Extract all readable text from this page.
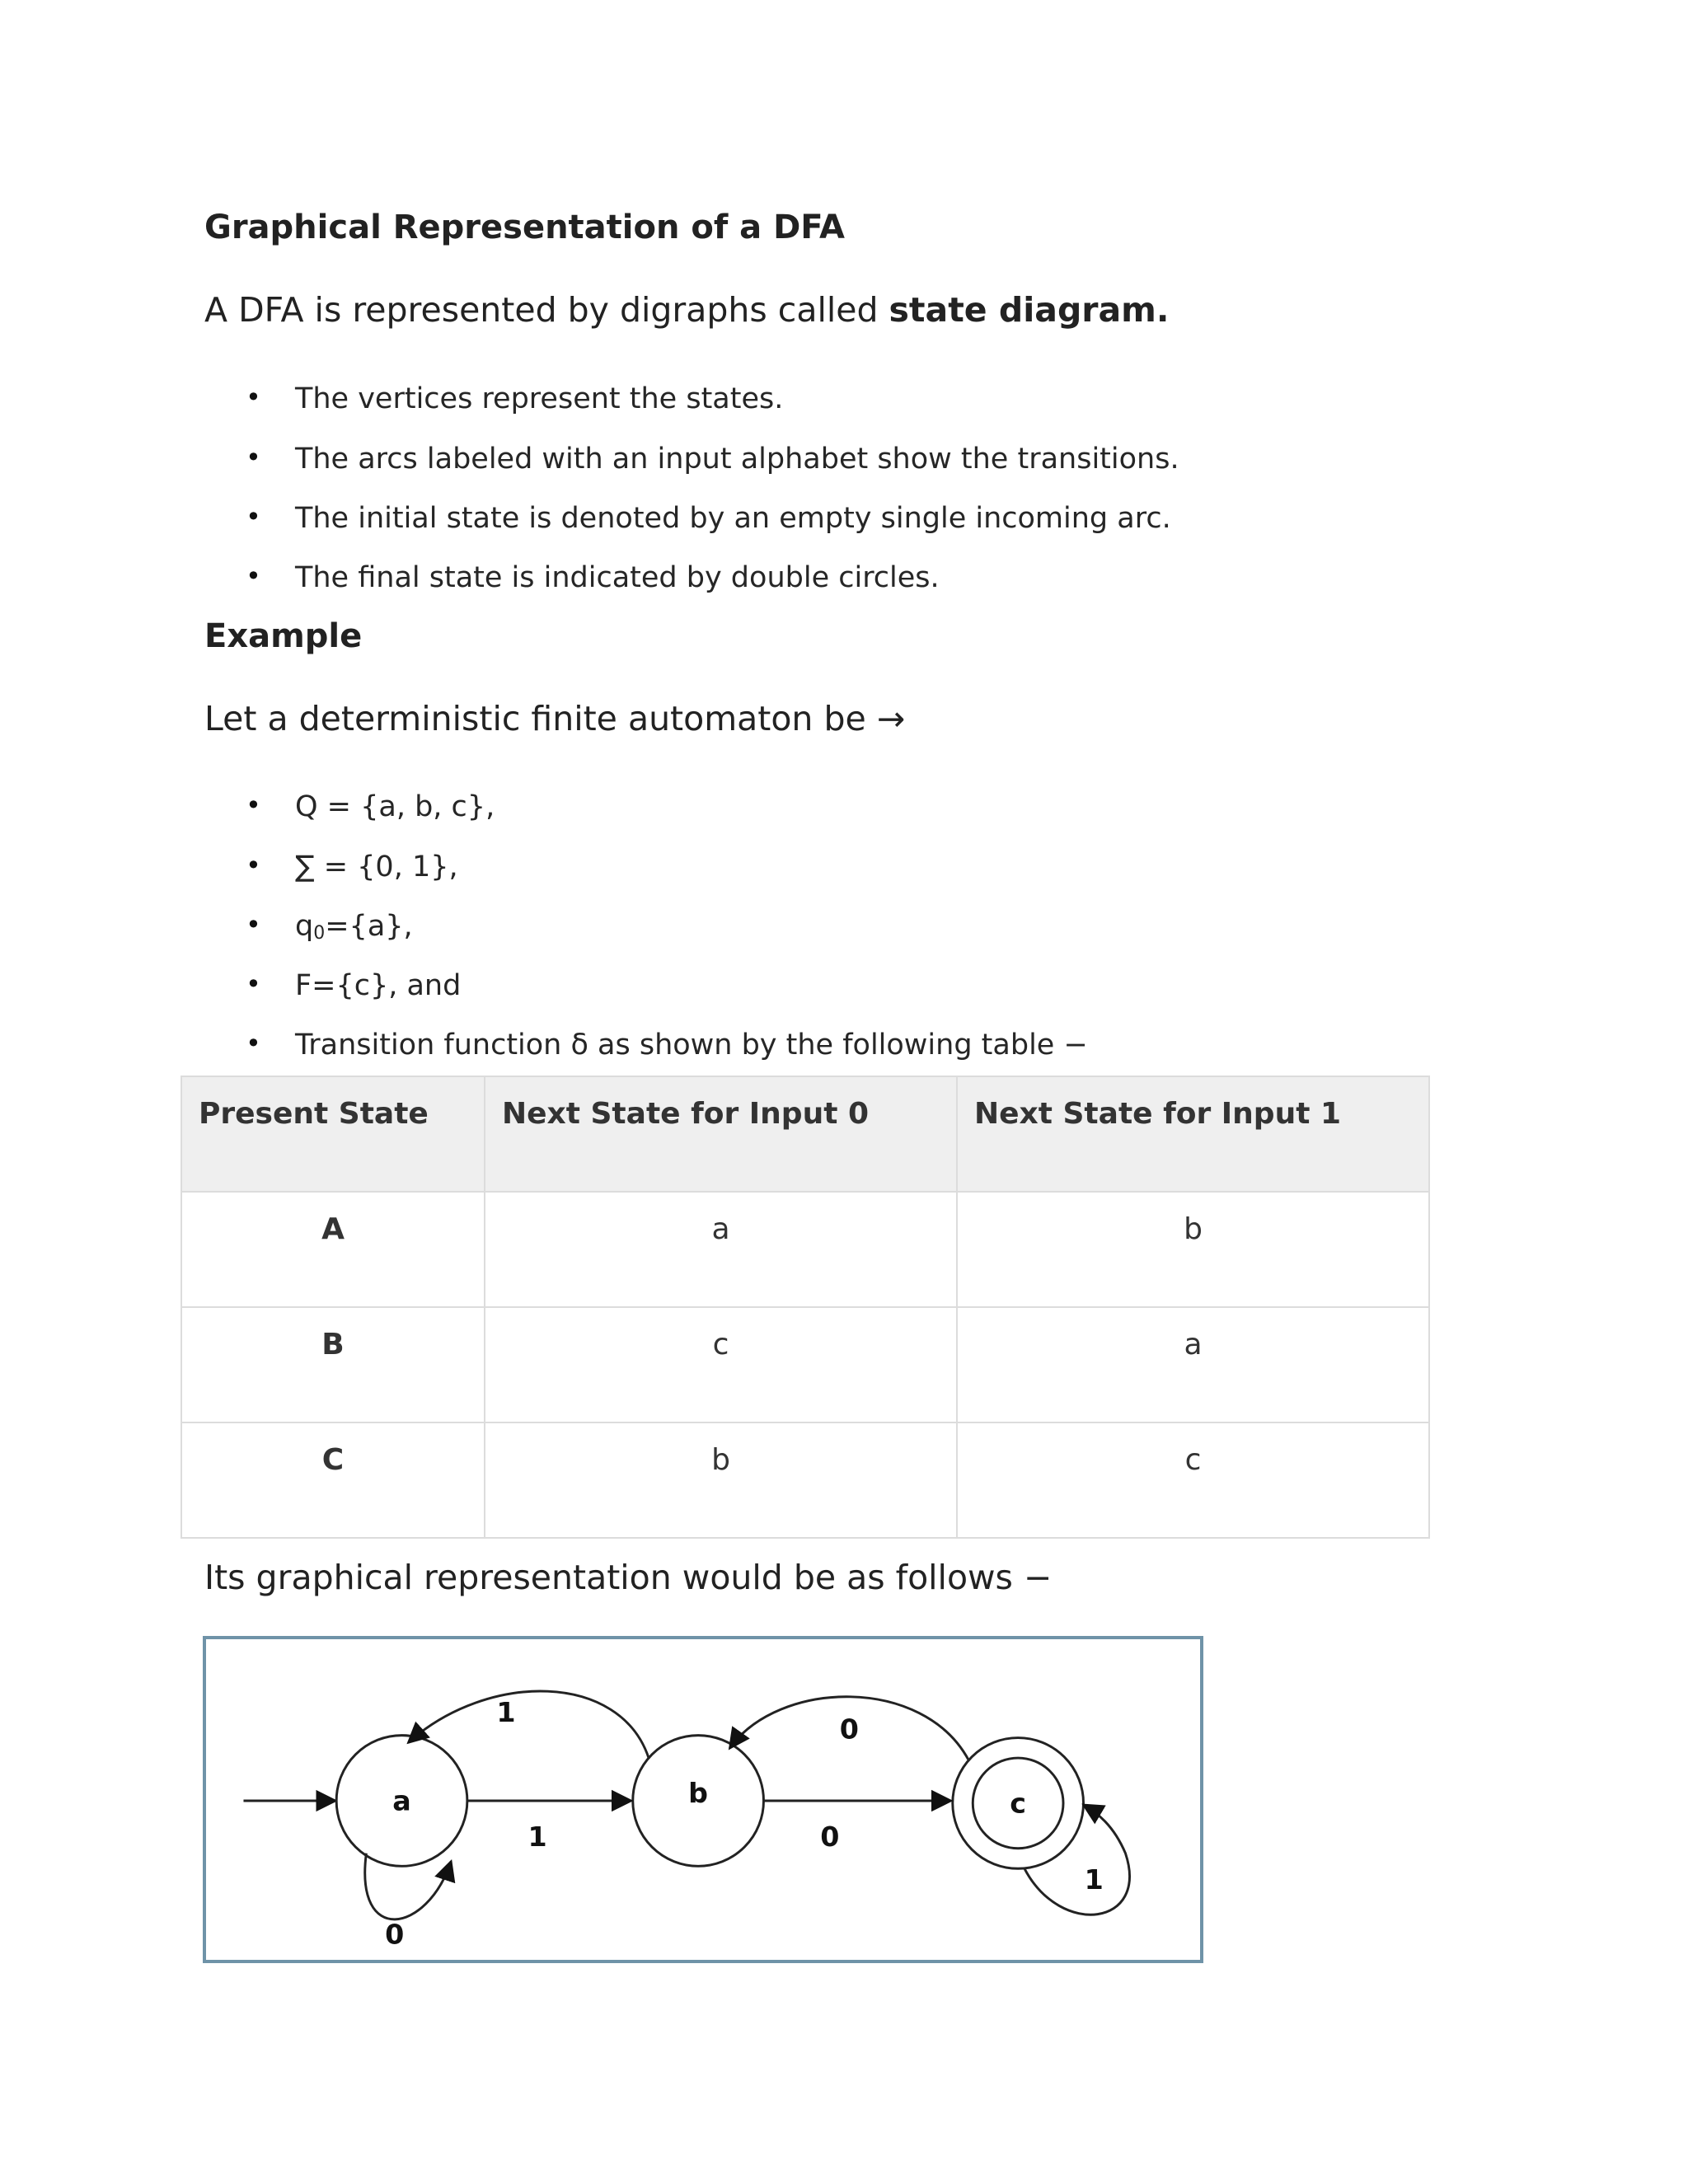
Graphical Representation of a DFA

A DFA is represented by digraphs called state diagram.

• The vertices represent the states.
• The arcs labeled with an input alphabet show the transitions.
• The initial state is denoted by an empty single incoming arc.
• The final state is indicated by double circles.
Example

Let a deterministic finite automaton be →

• Q = {a, b, c},
• ∑ = {0, 1},
• $q_0=\{a\}$,
• F={c}, and
• Transition function δ as shown by the following table −
Present State	Next State for Input 0	Next State for Input 1
A	a	b
B	c	a
C	b	c

Its graphical representation would be as follows −

a	b	c
0
1
1
0
0
1
